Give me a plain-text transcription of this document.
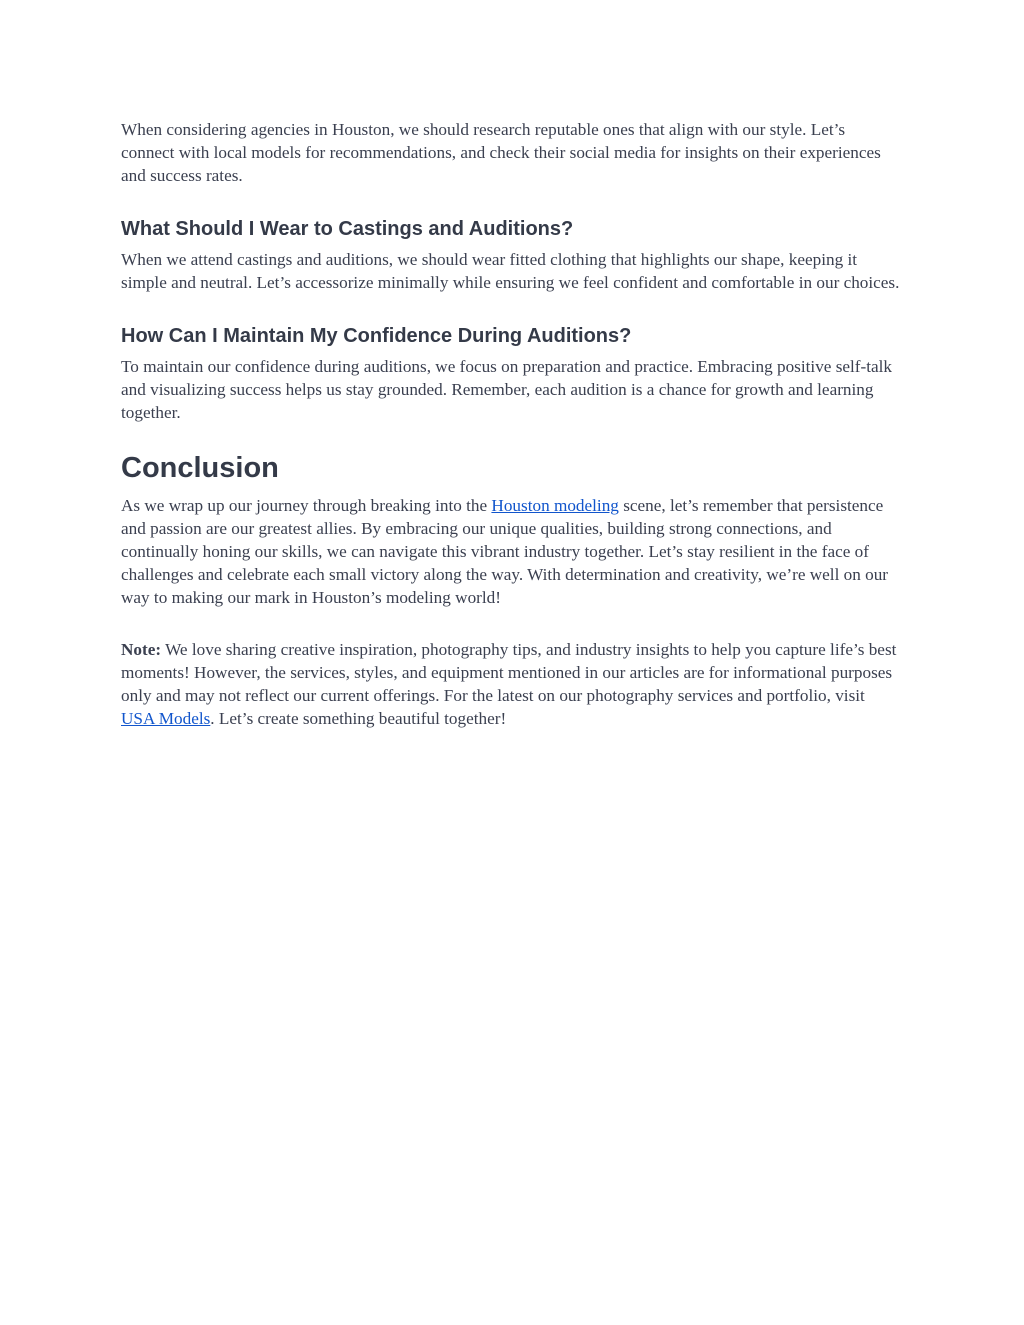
When considering agencies in Houston, we should research reputable ones that align with our style. Let’s connect with local models for recommendations, and check their social media for insights on their experiences and success rates.

What Should I Wear to Castings and Auditions?

When we attend castings and auditions, we should wear fitted clothing that highlights our shape, keeping it simple and neutral. Let’s accessorize minimally while ensuring we feel confident and comfortable in our choices.

How Can I Maintain My Confidence During Auditions?

To maintain our confidence during auditions, we focus on preparation and practice. Embracing positive self-talk and visualizing success helps us stay grounded. Remember, each audition is a chance for growth and learning together.

Conclusion

As we wrap up our journey through breaking into the Houston modeling scene, let’s remember that persistence and passion are our greatest allies. By embracing our unique qualities, building strong connections, and continually honing our skills, we can navigate this vibrant industry together. Let’s stay resilient in the face of challenges and celebrate each small victory along the way. With determination and creativity, we’re well on our way to making our mark in Houston’s modeling world!

Note: We love sharing creative inspiration, photography tips, and industry insights to help you capture life’s best moments! However, the services, styles, and equipment mentioned in our articles are for informational purposes only and may not reflect our current offerings. For the latest on our photography services and portfolio, visit USA Models. Let’s create something beautiful together!
